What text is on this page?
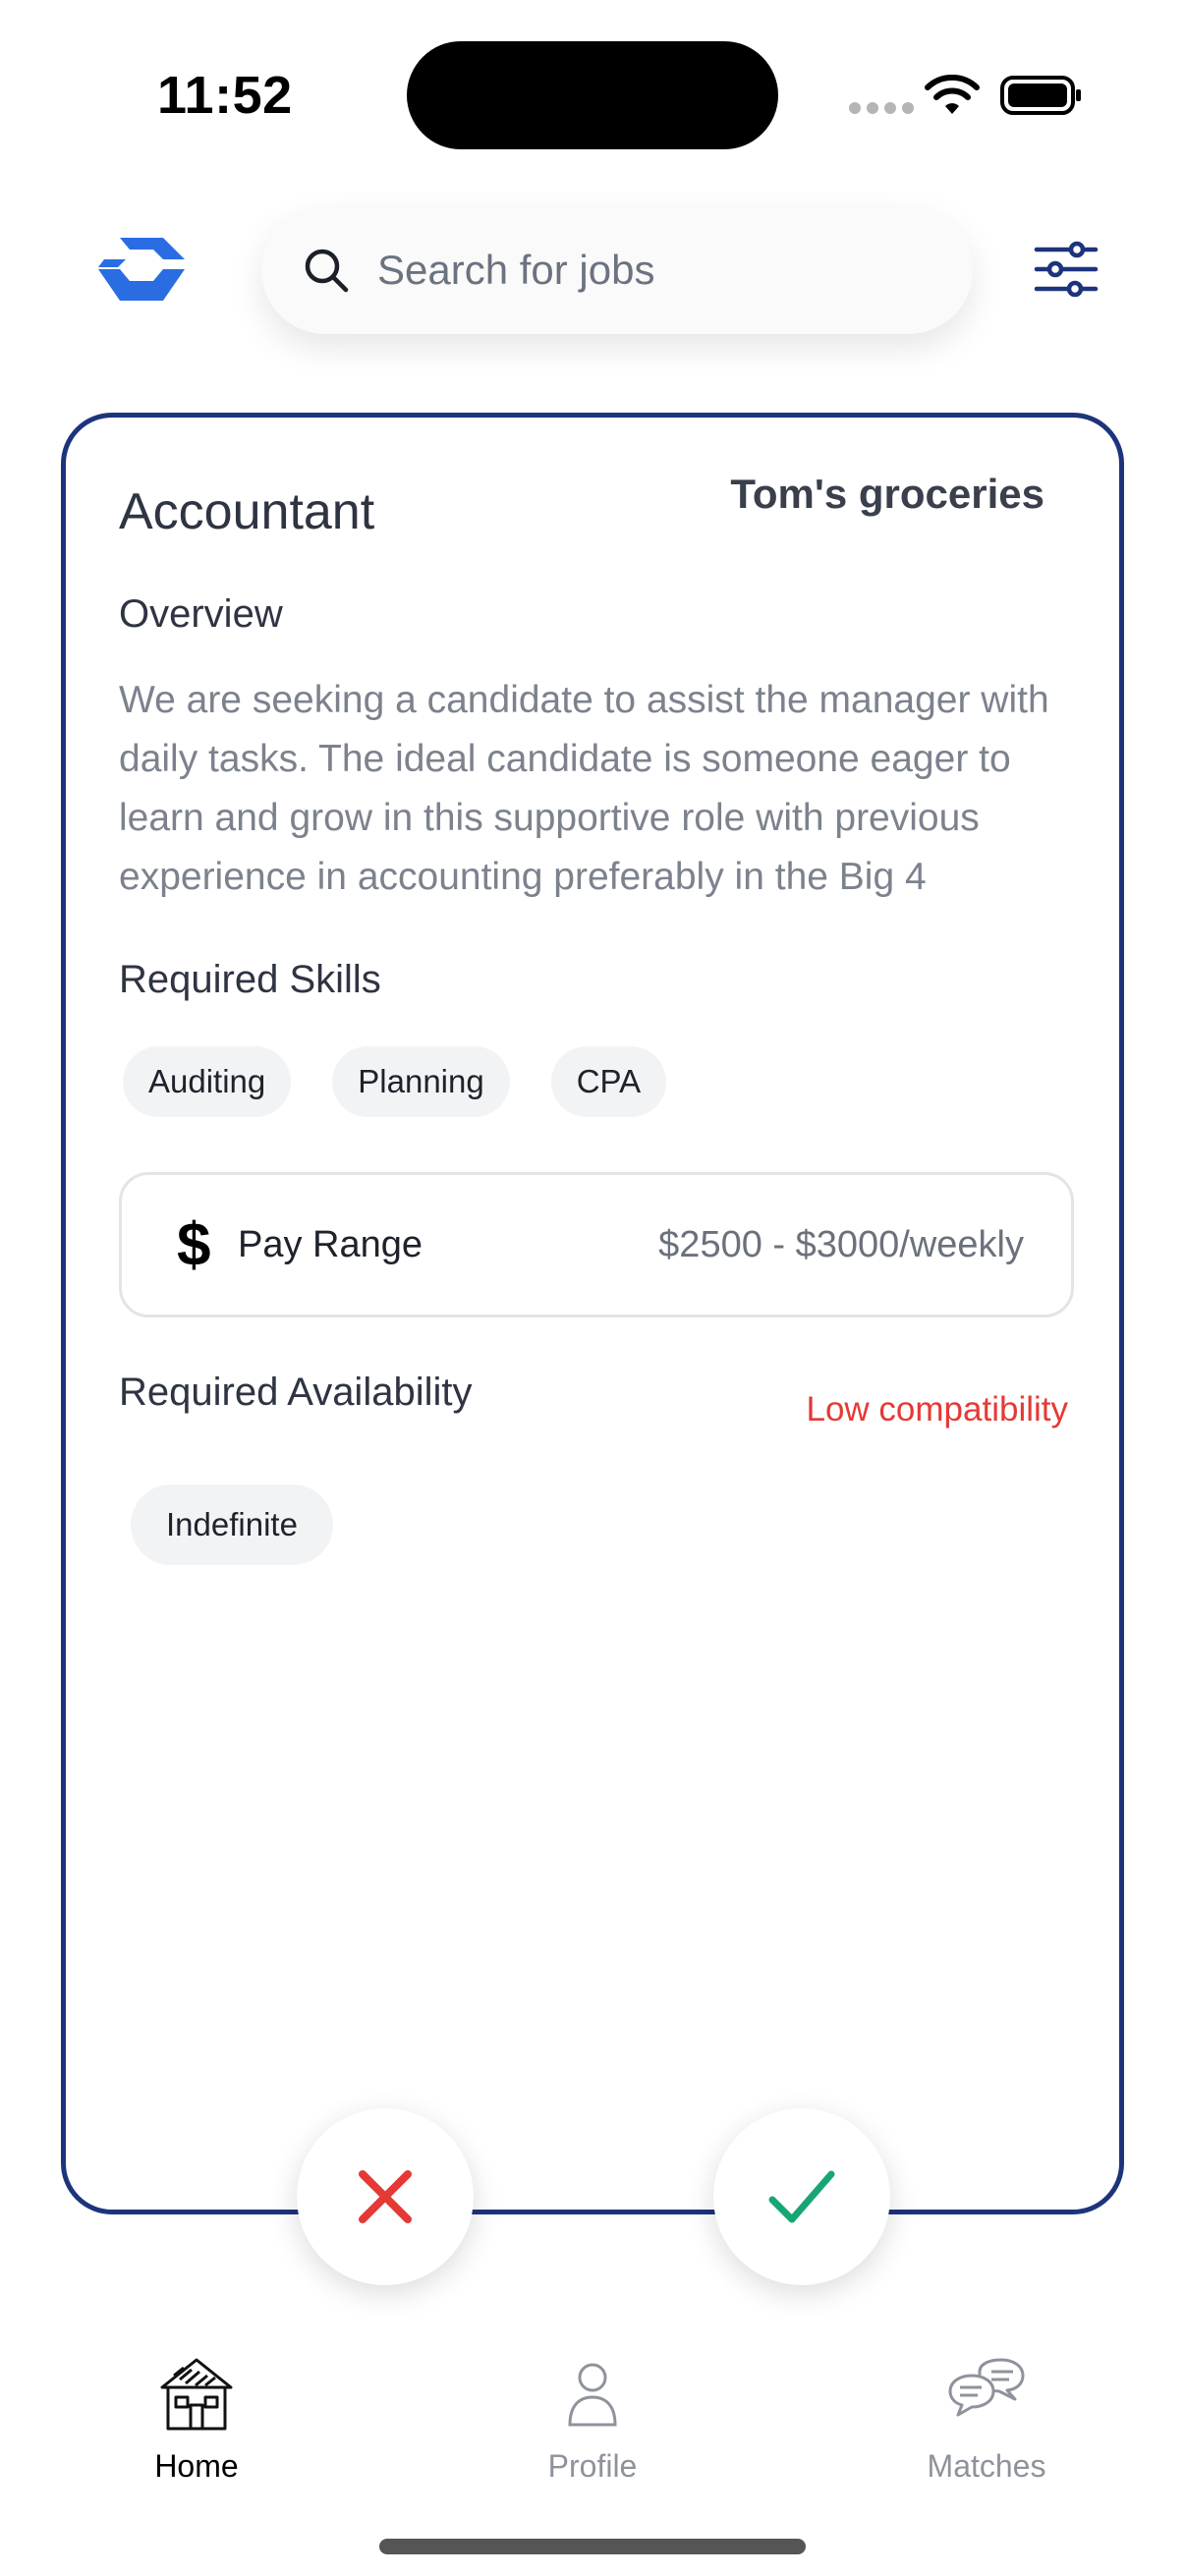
11:52
Search for jobs
Accountant	Tom's groceries
Overview
We are seeking a candidate to assist the manager with daily tasks. The ideal candidate is someone eager to learn and grow in this supportive role with previous experience in accounting preferably in the Big 4
Required Skills
Auditing	Planning	CPA
$ Pay Range	$2500 - $3000/weekly
Required Availability	Low compatibility
Indefinite
Home	Profile	Matches
